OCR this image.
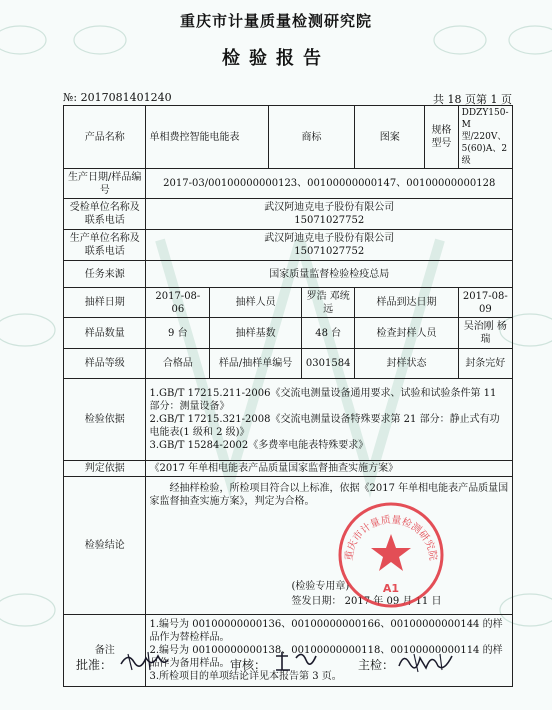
重庆市计量质量检测研究院
检验报告
№: 2017081401240	共 18 页第 1 页
产品名称	单相费控智能电能表		商标		图案	规格型号	DDZY150-M 型/220V、5(60)A、2 级
生产日期/样品编号	2017-03/00100000000123、00100000000147、00100000000128						
受检单位名称及联系电话	武汉阿迪克电子股份有限公司
15071027752						
生产单位名称及联系电话	武汉阿迪克电子股份有限公司
15071027752						
任务来源	国家质量监督检验检疫总局						
抽样日期	2017-08-06	抽样人员		罗浩 邓统远	样品到达日期		2017-08-09
样品数量	9 台	抽样基数		48 台	检查封样人员		吴治刚 杨瑞
样品等级	合格品	样品/抽样单编号		0301584	封样状态		封条完好
检验依据	1.GB/T 17215.211-2006《交流电测量设备通用要求、试验和试验条件第 11 部分：测量设备》
2.GB/T 17215.321-2008《交流电测量设备特殊要求第 21 部分：静止式有功电能表(1 级和 2 级)》
3.GB/T 15284-2002《多费率电能表特殊要求》						

判定依据	《2017 年单相电能表产品质量国家监督抽查实施方案》						
检验结论	经抽样检验，所检项目符合以上标准，依据《2017 年单相电能表产品质量国家监督抽查实施方案》，判定为合格。
(检验专用章)
签发日期： 2017 年 09 月 11 日						

备注	1.编号为 00100000000136、00100000000166、00100000000144 的样品作为替检样品。
2.编号为 00100000000138、00100000000118、00100000000114 的样品作为备用样品。
3.所检项目的单项结论详见本报告第 3 页。						
重庆市计量质量检测研究院
A1
批准：	审核：	主检：
